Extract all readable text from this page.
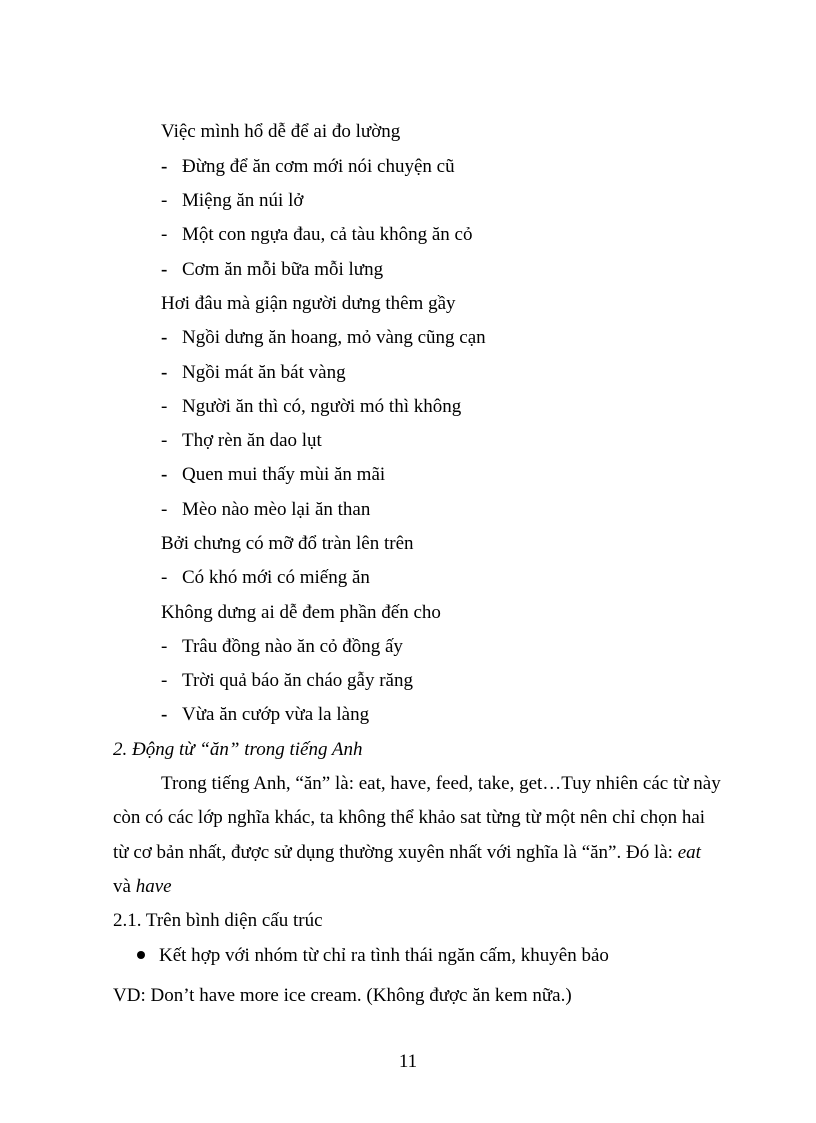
Việc mình hổ dễ để ai đo lường
- Đừng để ăn cơm mới nói chuyện cũ
- Miệng ăn núi lở
- Một con ngựa đau, cả tàu không ăn cỏ
- Cơm ăn mỗi bữa mỗi lưng
Hơi đâu mà giận người dưng thêm gầy
- Ngồi dưng ăn hoang, mỏ vàng cũng cạn
- Ngồi mát ăn bát vàng
- Người ăn thì có, người mó thì không
- Thợ rèn ăn dao lụt
- Quen mui thấy mùi ăn mãi
- Mèo nào mèo lại ăn than
Bởi chưng có mỡ đổ tràn lên trên
- Có khó mới có miếng ăn
Không dưng ai dễ đem phần đến cho
- Trâu đồng nào ăn cỏ đồng ấy
- Trời quả báo ăn cháo gẫy răng
- Vừa ăn cướp vừa la làng
2. Động từ “ăn” trong tiếng Anh
Trong tiếng Anh, “ăn” là: eat, have, feed, take, get…Tuy nhiên các từ này
còn có các lớp nghĩa khác, ta không thể khảo sat từng từ một nên chỉ chọn hai
từ cơ bản nhất, được sử dụng thường xuyên nhất với nghĩa là “ăn”. Đó là: eat
và have
2.1. Trên bình diện cấu trúc
Kết hợp với nhóm từ chỉ ra tình thái ngăn cấm, khuyên bảo
VD: Don’t have more ice cream. (Không được ăn kem nữa.)
11
